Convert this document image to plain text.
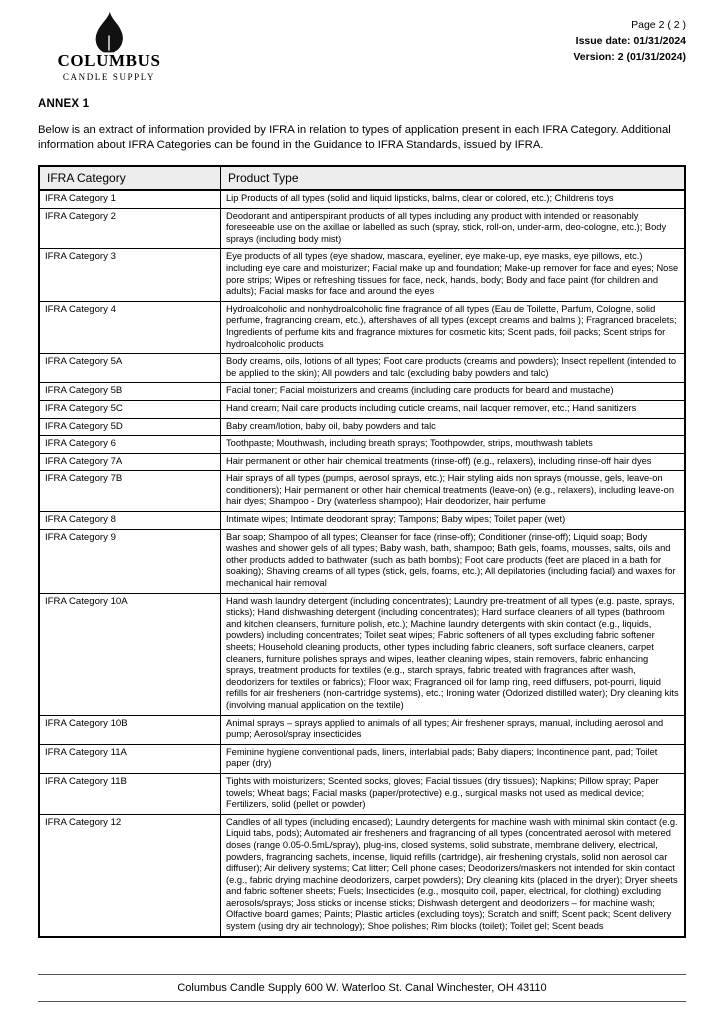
COLUMBUS
CANDLE SUPPLY
Page 2 ( 2 )
Issue date: 01/31/2024
Version: 2 (01/31/2024)
ANNEX 1

Below is an extract of information provided by IFRA in relation to types of application present in each IFRA Category. Additional information about IFRA Categories can be found in the Guidance to IFRA Standards, issued by IFRA.

IFRA Category	Product Type
IFRA Category 1	Lip Products of all types (solid and liquid lipsticks, balms, clear or colored, etc.); Childrens toys
IFRA Category 2	Deodorant and antiperspirant products of all types including any product with intended or reasonably foreseeable use on the axillae or labelled as such (spray, stick, roll-on, under-arm, deo-cologne, etc.); Body sprays (including body mist)
IFRA Category 3	Eye products of all types (eye shadow, mascara, eyeliner, eye make-up, eye masks, eye pillows, etc.) including eye care and moisturizer; Facial make up and foundation; Make-up remover for face and eyes; Nose pore strips; Wipes or refreshing tissues for face, neck, hands, body; Body and face paint (for children and adults); Facial masks for face and around the eyes
IFRA Category 4	Hydroalcoholic and nonhydroalcoholic fine fragrance of all types (Eau de Toilette, Parfum, Cologne, solid perfume, fragrancing cream, etc.), aftershaves of all types (except creams and balms ); Fragranced bracelets; Ingredients of perfume kits and fragrance mixtures for cosmetic kits; Scent pads, foil packs; Scent strips for hydroalcoholic products
IFRA Category 5A	Body creams, oils, lotions of all types; Foot care products (creams and powders); Insect repellent (intended to be applied to the skin); All powders and talc (excluding baby powders and talc)
IFRA Category 5B	Facial toner; Facial moisturizers and creams (including care products for beard and mustache)
IFRA Category 5C	Hand cream; Nail care products including cuticle creams, nail lacquer remover, etc.; Hand sanitizers
IFRA Category 5D	Baby cream/lotion, baby oil, baby powders and talc
IFRA Category 6	Toothpaste; Mouthwash, including breath sprays; Toothpowder, strips, mouthwash tablets
IFRA Category 7A	Hair permanent or other hair chemical treatments (rinse-off) (e.g., relaxers), including rinse-off hair dyes
IFRA Category 7B	Hair sprays of all types (pumps, aerosol sprays, etc.); Hair styling aids non sprays (mousse, gels, leave-on conditioners); Hair permanent or other hair chemical treatments (leave-on) (e.g., relaxers), including leave-on hair dyes; Shampoo - Dry (waterless shampoo); Hair deodorizer, hair perfume
IFRA Category 8	Intimate wipes; Intimate deodorant spray; Tampons; Baby wipes; Toilet paper (wet)
IFRA Category 9	Bar soap; Shampoo of all types; Cleanser for face (rinse-off); Conditioner (rinse-off); Liquid soap; Body washes and shower gels of all types; Baby wash, bath, shampoo; Bath gels, foams, mousses, salts, oils and other products added to bathwater (such as bath bombs); Foot care products (feet are placed in a bath for soaking); Shaving creams of all types (stick, gels, foams, etc.); All depilatories (including facial) and waxes for mechanical hair removal
IFRA Category 10A	Hand wash laundry detergent (including concentrates); Laundry pre-treatment of all types (e.g. paste, sprays, sticks); Hand dishwashing detergent (including concentrates); Hard surface cleaners of all types (bathroom and kitchen cleansers, furniture polish, etc.); Machine laundry detergents with skin contact (e.g., liquids, powders) including concentrates; Toilet seat wipes; Fabric softeners of all types excluding fabric softener sheets; Household cleaning products, other types including fabric cleaners, soft surface cleaners, carpet cleaners, furniture polishes sprays and wipes, leather cleaning wipes, stain removers, fabric enhancing sprays, treatment products for textiles (e.g., starch sprays, fabric treated with fragrances after wash, deodorizers for textiles or fabrics); Floor wax; Fragranced oil for lamp ring, reed diffusers, pot-pourri, liquid refills for air fresheners (non-cartridge systems), etc.; Ironing water (Odorized distilled water); Dry cleaning kits (involving manual application on the textile)
IFRA Category 10B	Animal sprays – sprays applied to animals of all types; Air freshener sprays, manual, including aerosol and pump; Aerosol/spray insecticides
IFRA Category 11A	Feminine hygiene conventional pads, liners, interlabial pads; Baby diapers; Incontinence pant, pad; Toilet paper (dry)
IFRA Category 11B	Tights with moisturizers; Scented socks, gloves; Facial tissues (dry tissues); Napkins; Pillow spray; Paper towels; Wheat bags; Facial masks (paper/protective) e.g., surgical masks not used as medical device; Fertilizers, solid (pellet or powder)
IFRA Category 12	Candles of all types (including encased); Laundry detergents for machine wash with minimal skin contact (e.g. Liquid tabs, pods); Automated air fresheners and fragrancing of all types (concentrated aerosol with metered doses (range 0.05-0.5mL/spray), plug-ins, closed systems, solid substrate, membrane delivery, electrical, powders, fragrancing sachets, incense, liquid refills (cartridge), air freshening crystals, solid non aerosol car diffuser); Air delivery systems; Cat litter; Cell phone cases; Deodorizers/maskers not intended for skin contact (e.g., fabric drying machine deodorizers, carpet powders); Dry cleaning kits (placed in the dryer); Dryer sheets and fabric softener sheets; Fuels; Insecticides (e.g., mosquito coil, paper, electrical, for clothing) excluding aerosols/sprays; Joss sticks or incense sticks; Dishwash detergent and deodorizers – for machine wash; Olfactive board games; Paints; Plastic articles (excluding toys); Scratch and sniff; Scent pack; Scent delivery system (using dry air technology); Shoe polishes; Rim blocks (toilet); Toilet gel; Scent beads
Columbus Candle Supply 600 W. Waterloo St. Canal Winchester, OH 43110
